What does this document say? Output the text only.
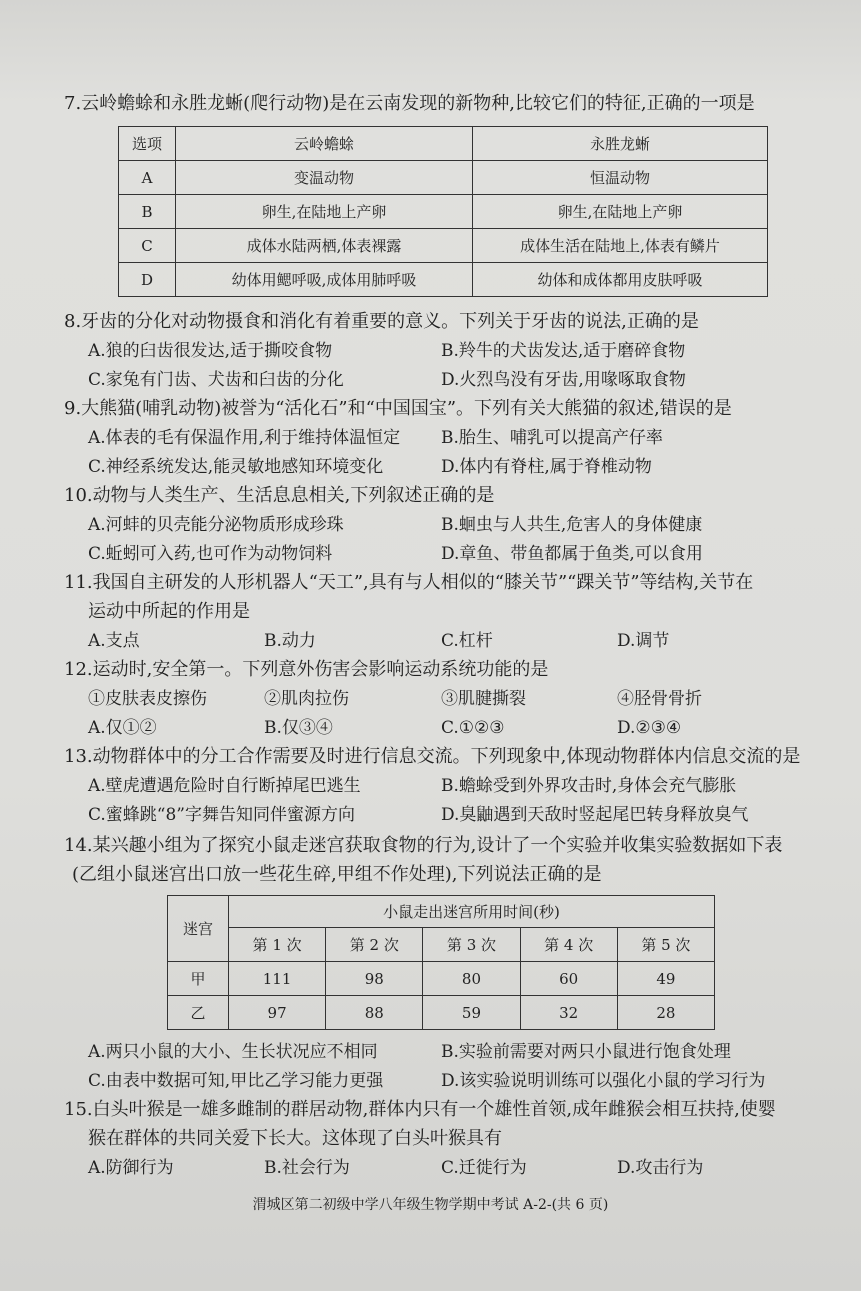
7.云岭蟾蜍和永胜龙蜥(爬行动物)是在云南发现的新物种,比较它们的特征,正确的一项是
选项	云岭蟾蜍	永胜龙蜥
A	变温动物	恒温动物
B	卵生,在陆地上产卵	卵生,在陆地上产卵
C	成体水陆两栖,体表裸露	成体生活在陆地上,体表有鳞片
D	幼体用鳃呼吸,成体用肺呼吸	幼体和成体都用皮肤呼吸
8.牙齿的分化对动物摄食和消化有着重要的意义。下列关于牙齿的说法,正确的是
A.狼的臼齿很发达,适于撕咬食物	B.羚牛的犬齿发达,适于磨碎食物
C.家兔有门齿、犬齿和臼齿的分化	D.火烈鸟没有牙齿,用喙啄取食物
9.大熊猫(哺乳动物)被誉为“活化石”和“中国国宝”。下列有关大熊猫的叙述,错误的是
A.体表的毛有保温作用,利于维持体温恒定 B.胎生、哺乳可以提高产仔率
C.神经系统发达,能灵敏地感知环境变化	D.体内有脊柱,属于脊椎动物
10.动物与人类生产、生活息息相关,下列叙述正确的是
A.河蚌的贝壳能分泌物质形成珍珠	B.蛔虫与人共生,危害人的身体健康
C.蚯蚓可入药,也可作为动物饲料	D.章鱼、带鱼都属于鱼类,可以食用
11.我国自主研发的人形机器人“天工”,具有与人相似的“膝关节”“踝关节”等结构,关节在
运动中所起的作用是
A.支点	B.动力	C.杠杆	D.调节
12.运动时,安全第一。下列意外伤害会影响运动系统功能的是
①皮肤表皮擦伤	②肌肉拉伤	③肌腱撕裂	④胫骨骨折
A.仅①②	B.仅③④	C.①②③	D.②③④
13.动物群体中的分工合作需要及时进行信息交流。下列现象中,体现动物群体内信息交流的是
A.壁虎遭遇危险时自行断掉尾巴逃生	B.蟾蜍受到外界攻击时,身体会充气膨胀
C.蜜蜂跳“8”字舞告知同伴蜜源方向	D.臭鼬遇到天敌时竖起尾巴转身释放臭气
14.某兴趣小组为了探究小鼠走迷宫获取食物的行为,设计了一个实验并收集实验数据如下表
(乙组小鼠迷宫出口放一些花生碎,甲组不作处理),下列说法正确的是
迷宫	小鼠走出迷宫所用时间(秒)				
	第 1 次	第 2 次	第 3 次	第 4 次	第 5 次
甲	111	98	80	60	49
乙	97	88	59	32	28
A.两只小鼠的大小、生长状况应不相同	B.实验前需要对两只小鼠进行饱食处理
C.由表中数据可知,甲比乙学习能力更强	D.该实验说明训练可以强化小鼠的学习行为
15.白头叶猴是一雄多雌制的群居动物,群体内只有一个雄性首领,成年雌猴会相互扶持,使婴
猴在群体的共同关爱下长大。这体现了白头叶猴具有
A.防御行为	B.社会行为	C.迁徙行为	D.攻击行为
渭城区第二初级中学八年级生物学期中考试 A-2-(共 6 页)
